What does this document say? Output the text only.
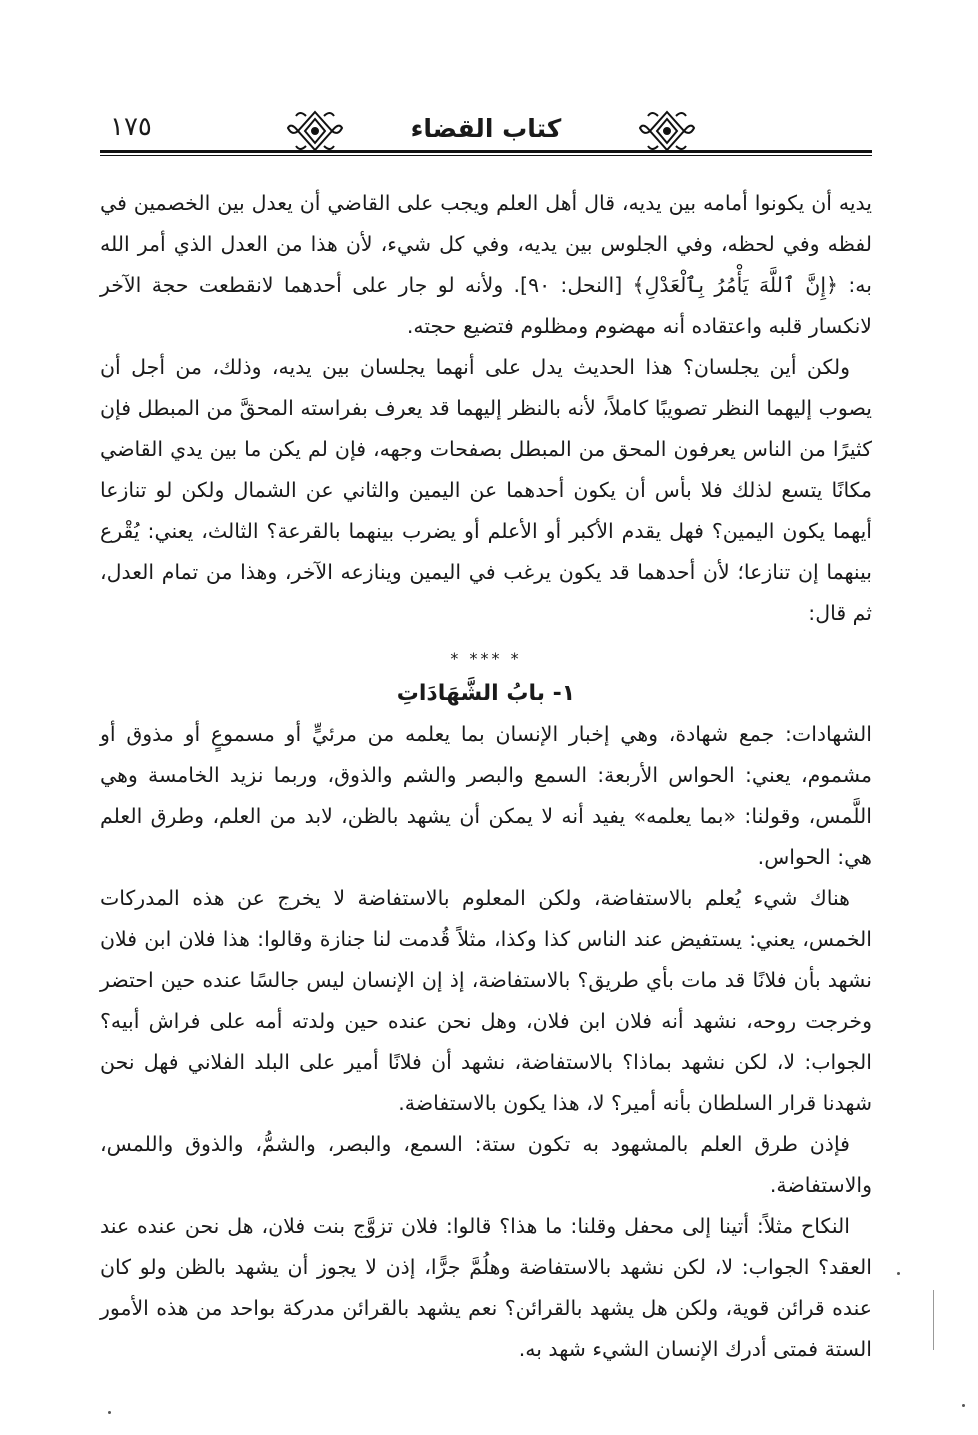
١٧٥	كتاب القضاء

يديه أن يكونوا أمامه بين يديه، قال أهل العلم ويجب على القاضي أن يعدل بين الخصمين في لفظه وفي لحظه، وفي الجلوس بين يديه، وفي كل شيء، لأن هذا من العدل الذي أمر الله به: ﴿إِنَّ ٱللَّهَ يَأْمُرُ بِٱلْعَدْلِ﴾ [النحل: ٩٠]. ولأنه لو جار على أحدهما لانقطعت حجة الآخر لانكسار قلبه واعتقاده أنه مهضوم ومظلوم فتضيع حجته.

ولكن أين يجلسان؟ هذا الحديث يدل على أنهما يجلسان بين يديه، وذلك، من أجل أن يصوب إليهما النظر تصويبًا كاملاً، لأنه بالنظر إليهما قد يعرف بفراسته المحقَّ من المبطل فإن كثيرًا من الناس يعرفون المحق من المبطل بصفحات وجهه، فإن لم يكن ما بين يدي القاضي مكانًا يتسع لذلك فلا بأس أن يكون أحدهما عن اليمين والثاني عن الشمال ولكن لو تنازعا أيهما يكون اليمين؟ فهل يقدم الأكبر أو الأعلم أو يضرب بينهما بالقرعة؟ الثالث، يعني: يُقْرع بينهما إن تنازعا؛ لأن أحدهما قد يكون يرغب في اليمين وينازعه الآخر، وهذا من تمام العدل، ثم قال:

* *** *
١- بابُ الشَّهَادَاتِ

الشهادات: جمع شهادة، وهي إخبار الإنسان بما يعلمه من مرئيٍّ أو مسموعٍ أو مذوق أو مشموم، يعني: الحواس الأربعة: السمع والبصر والشم والذوق، وربما نزيد الخامسة وهي اللَّمس، وقولنا: «بما يعلمه» يفيد أنه لا يمكن أن يشهد بالظن، لابد من العلم، وطرق العلم هي: الحواس.

هناك شيء يُعلم بالاستفاضة، ولكن المعلوم بالاستفاضة لا يخرج عن هذه المدركات الخمس، يعني: يستفيض عند الناس كذا وكذا، مثلاً قُدمت لنا جنازة وقالوا: هذا فلان ابن فلان نشهد بأن فلانًا قد مات بأي طريق؟ بالاستفاضة، إذ إن الإنسان ليس جالسًا عنده حين احتضر وخرجت روحه، نشهد أنه فلان ابن فلان، وهل نحن عنده حين ولدته أمه على فراش أبيه؟ الجواب: لا، لكن نشهد بماذا؟ بالاستفاضة، نشهد أن فلانًا أمير على البلد الفلاني فهل نحن شهدنا قرار السلطان بأنه أمير؟ لا، هذا يكون بالاستفاضة.

فإذن طرق العلم بالمشهود به تكون ستة: السمع، والبصر، والشمُّ، والذوق واللمس، والاستفاضة.

النكاح مثلاً: أتينا إلى محفل وقلنا: ما هذا؟ قالوا: فلان تزوَّج بنت فلان، هل نحن عنده عند العقد؟ الجواب: لا، لكن نشهد بالاستفاضة وهلُمَّ جرًّا، إذن لا يجوز أن يشهد بالظن ولو كان عنده قرائن قوية، ولكن هل يشهد بالقرائن؟ نعم يشهد بالقرائن مدركة بواحد من هذه الأمور الستة فمتى أدرك الإنسان الشيء شهد به.
